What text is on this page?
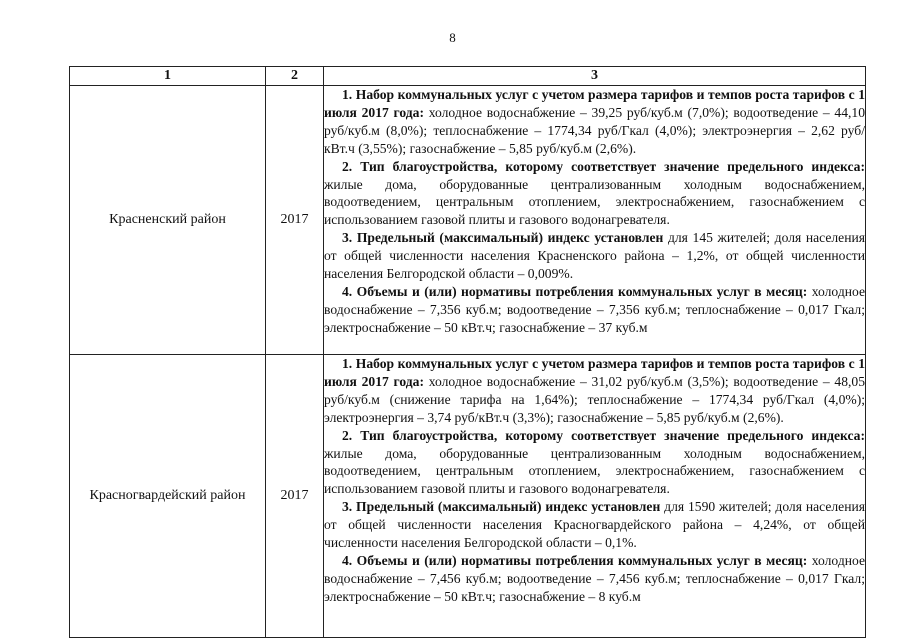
8
1	2	3
Красненский район	2017	1. Набор коммунальных услуг с учетом размера тарифов и темпов роста тарифов с 1 июля 2017 года: холодное водоснабжение – 39,25 руб/куб.м (7,0%); водоотведение – 44,10 руб/куб.м (8,0%); теплоснабжение – 1774,34 руб/Гкал (4,0%); электроэнергия – 2,62 руб/кВт.ч (3,55%); газоснабжение – 5,85 руб/куб.м (2,6%).

2. Тип благоустройства, которому соответствует значение предельного индекса: жилые дома, оборудованные централизованным холодным водоснабжением, водоотведением, центральным отоплением, электроснабжением, газоснабжением с использованием газовой плиты и газового водонагревателя.

3. Предельный (максимальный) индекс установлен для 145 жителей; доля населения от общей численности населения Красненского района – 1,2%, от общей численности населения Белгородской области – 0,009%.

4. Объемы и (или) нормативы потребления коммунальных услуг в месяц: холодное водоснабжение – 7,356 куб.м; водоотведение – 7,356 куб.м; теплоснабжение – 0,017 Гкал; электроснабжение – 50 кВт.ч; газоснабжение – 37 куб.м

Красногвардейский район	2017	1. Набор коммунальных услуг с учетом размера тарифов и темпов роста тарифов с 1 июля 2017 года: холодное водоснабжение – 31,02 руб/куб.м (3,5%); водоотведение – 48,05 руб/куб.м (снижение тарифа на 1,64%); теплоснабжение – 1774,34 руб/Гкал (4,0%); электроэнергия – 3,74 руб/кВт.ч (3,3%); газоснабжение – 5,85 руб/куб.м (2,6%).

2. Тип благоустройства, которому соответствует значение предельного индекса: жилые дома, оборудованные централизованным холодным водоснабжением, водоотведением, центральным отоплением, электроснабжением, газоснабжением с использованием газовой плиты и газового водонагревателя.

3. Предельный (максимальный) индекс установлен для 1590 жителей; доля населения от общей численности населения Красногвардейского района – 4,24%, от общей численности населения Белгородской области – 0,1%.

4. Объемы и (или) нормативы потребления коммунальных услуг в месяц: холодное водоснабжение – 7,456 куб.м; водоотведение – 7,456 куб.м; теплоснабжение – 0,017 Гкал; электроснабжение – 50 кВт.ч; газоснабжение – 8 куб.м
